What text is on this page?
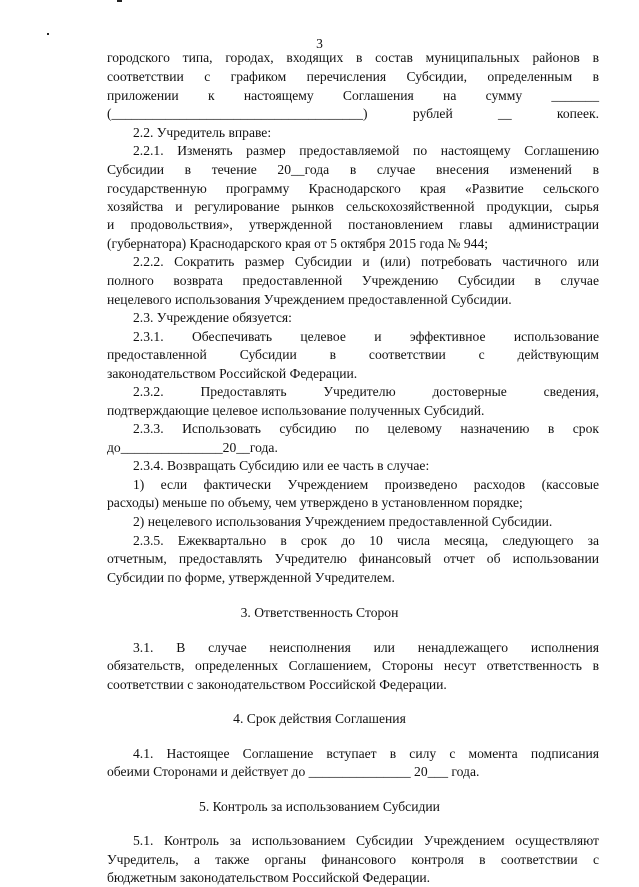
3
городского типа, городах, входящих в состав муниципальных районов в
соответствии с графиком перечисления Субсидии, определенным в
приложении к настоящему Соглашения на сумму _______
(_____________________________________) рублей __ копеек.
2.2. Учредитель вправе:
2.2.1. Изменять размер предоставляемой по настоящему Соглашению
Субсидии в течение 20__года в случае внесения изменений в
государственную программу Краснодарского края «Развитие сельского
хозяйства и регулирование рынков сельскохозяйственной продукции, сырья
и продовольствия», утвержденной постановлением главы администрации
(губернатора) Краснодарского края от 5 октября 2015 года № 944;
2.2.2. Сократить размер Субсидии и (или) потребовать частичного или
полного возврата предоставленной Учреждению Субсидии в случае
нецелевого использования Учреждением предоставленной Субсидии.
2.3. Учреждение обязуется:
2.3.1. Обеспечивать целевое и эффективное использование
предоставленной Субсидии в соответствии с действующим
законодательством Российской Федерации.
2.3.2. Предоставлять Учредителю достоверные сведения,
подтверждающие целевое использование полученных Субсидий.
2.3.3. Использовать субсидию по целевому назначению в срок
до_______________20__года.
2.3.4. Возвращать Субсидию или ее часть в случае:
1) если фактически Учреждением произведено расходов (кассовые
расходы) меньше по объему, чем утверждено в установленном порядке;
2) нецелевого использования Учреждением предоставленной Субсидии.
2.3.5. Ежеквартально в срок до 10 числа месяца, следующего за
отчетным, предоставлять Учредителю финансовый отчет об использовании
Субсидии по форме, утвержденной Учредителем.
3. Ответственность Сторон
3.1. В случае неисполнения или ненадлежащего исполнения
обязательств, определенных Соглашением, Стороны несут ответственность в
соответствии с законодательством Российской Федерации.
4. Срок действия Соглашения
4.1. Настоящее Соглашение вступает в силу с момента подписания
обеими Сторонами и действует до _______________ 20___ года.
5. Контроль за использованием Субсидии
5.1. Контроль за использованием Субсидии Учреждением осуществляют
Учредитель, а также органы финансового контроля в соответствии с
бюджетным законодательством Российской Федерации.
